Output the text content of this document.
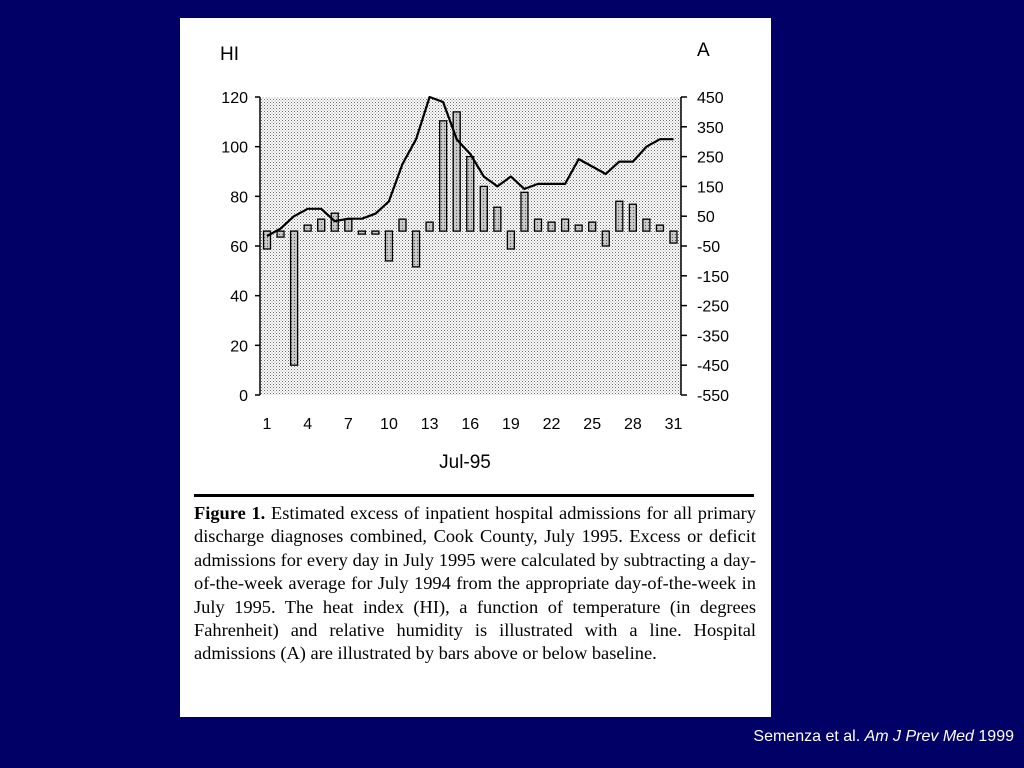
HI	A
Jul-95
120
100
80
60
40
20
0
450
350
250
150
50
-50
-150
-250
-350
-450
-550
1 4 7 10 13 16 19 22 25 28 31

Figure 1. Estimated excess of inpatient hospital admissions for all primary discharge diagnoses combined, Cook County, July 1995. Excess or deficit admissions for every day in July 1995 were calculated by subtracting a day-of-the-week average for July 1994 from the appropriate day-of-the-week in July 1995. The heat index (HI), a function of temperature (in degrees Fahrenheit) and relative humidity is illustrated with a line. Hospital admissions (A) are illustrated by bars above or below baseline.

Semenza et al. Am J Prev Med 1999
